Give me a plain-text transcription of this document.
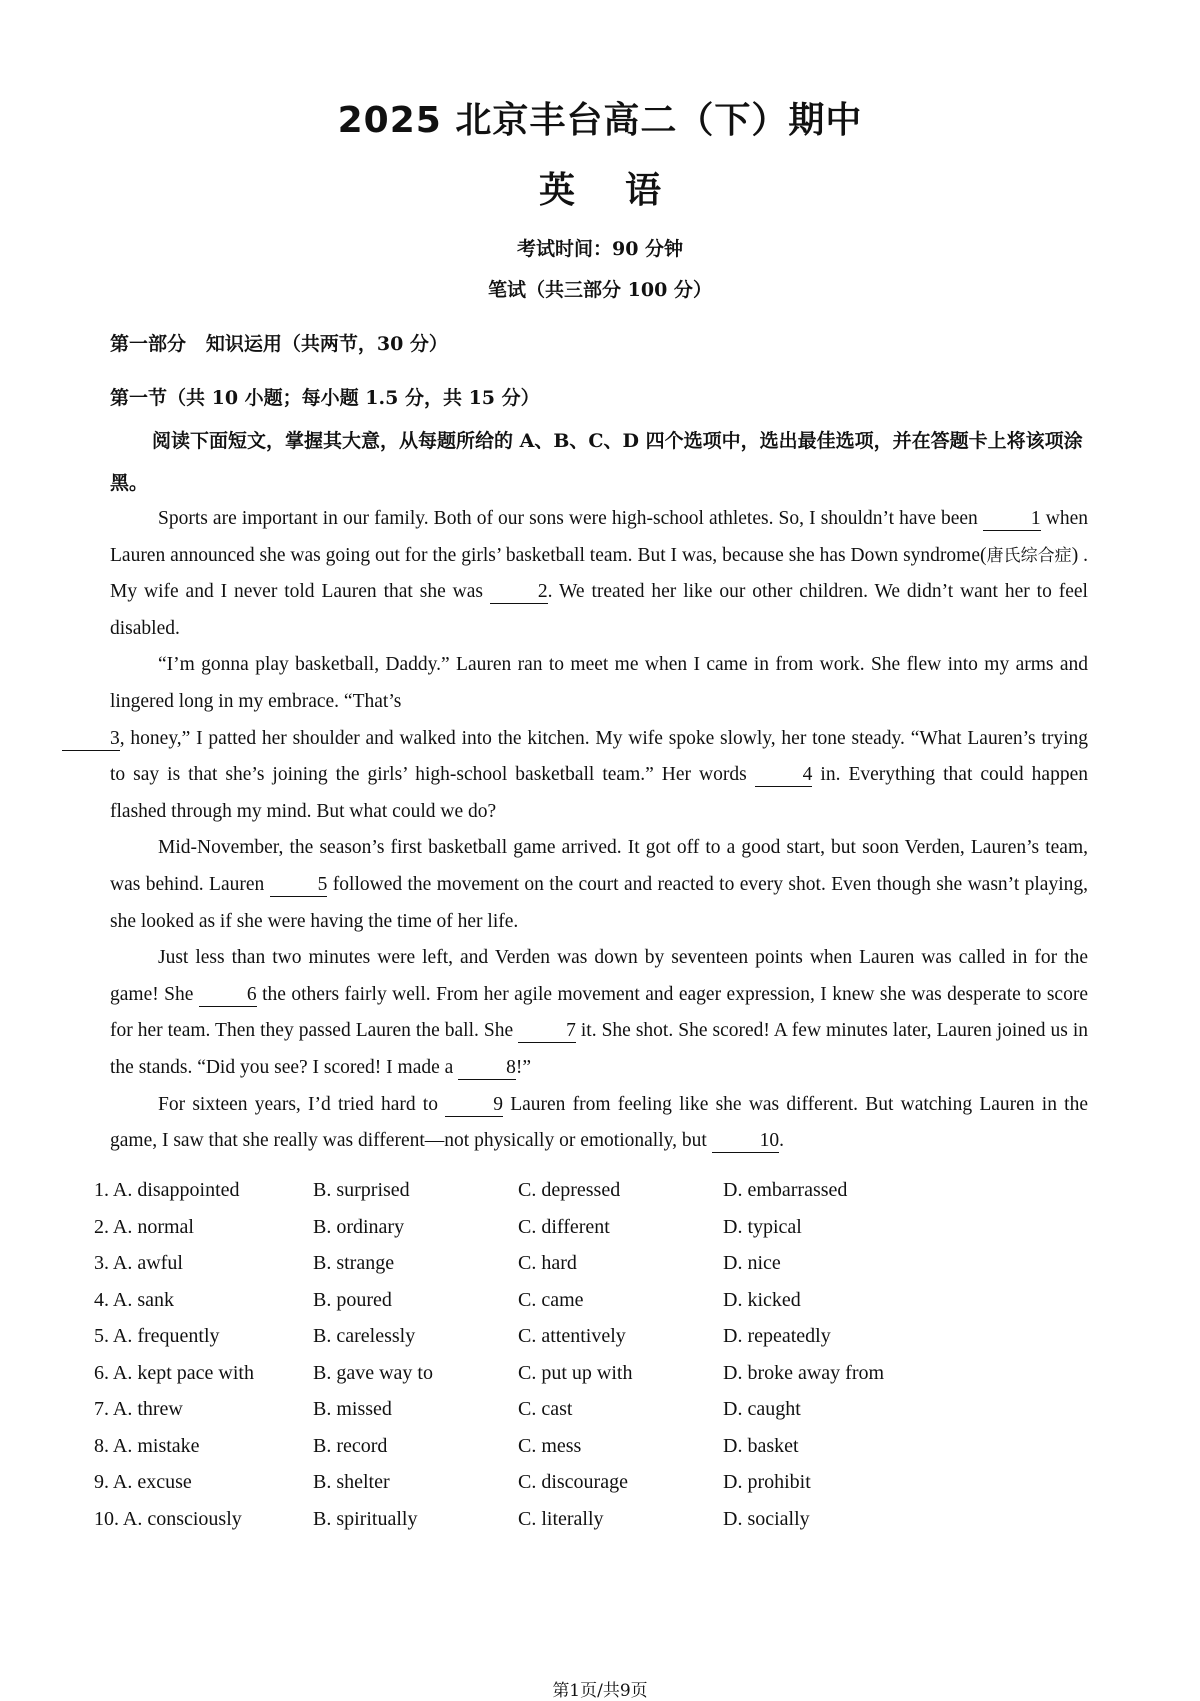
2025 北京丰台高二（下）期中
英语
考试时间：90 分钟
笔试（共三部分 100 分）
第一部分   知识运用（共两节，30 分）
第一节（共 10 小题；每小题 1.5 分，共 15 分）
阅读下面短文，掌握其大意，从每题所给的 A、B、C、D 四个选项中，选出最佳选项，并在答题卡上将该项涂黑。

Sports are important in our family. Both of our sons were high-school athletes. So, I shouldn’t have been 1 when Lauren announced she was going out for the girls’ basketball team. But I was, because she has Down syndrome(唐氏综合症) . My wife and I never told Lauren that she was 2. We treated her like our other children. We didn’t want her to feel disabled.

“I’m gonna play basketball, Daddy.” Lauren ran to meet me when I came in from work. She flew into my arms and lingered long in my embrace. “That’s
3, honey,” I patted her shoulder and walked into the kitchen. My wife spoke slowly, her tone steady. “What Lauren’s trying to say is that she’s joining the girls’ high-school basketball team.” Her words 4 in. Everything that could happen flashed through my mind. But what could we do?

Mid-November, the season’s first basketball game arrived. It got off to a good start, but soon Verden, Lauren’s team, was behind. Lauren 5 followed the movement on the court and reacted to every shot. Even though she wasn’t playing, she looked as if she were having the time of her life.

Just less than two minutes were left, and Verden was down by seventeen points when Lauren was called in for the game! She 6 the others fairly well. From her agile movement and eager expression, I knew she was desperate to score for her team. Then they passed Lauren the ball. She 7 it. She shot. She scored! A few minutes later, Lauren joined us in the stands. “Did you see? I scored! I made a 8!”

For sixteen years, I’d tried hard to 9 Lauren from feeling like she was different. But watching Lauren in the game, I saw that she really was different—not physically or emotionally, but 10.

1. A. disappointed	B. surprised	C. depressed	D. embarrassed
2. A. normal	B. ordinary	C. different	D. typical
3. A. awful	B. strange	C. hard	D. nice
4. A. sank	B. poured	C. came	D. kicked
5. A. frequently	B. carelessly	C. attentively	D. repeatedly
6. A. kept pace with	B. gave way to	C. put up with	D. broke away from
7. A. threw	B. missed	C. cast	D. caught
8. A. mistake	B. record	C. mess	D. basket
9. A. excuse	B. shelter	C. discourage	D. prohibit
10. A. consciously	B. spiritually	C. literally	D. socially
第1页/共9页
